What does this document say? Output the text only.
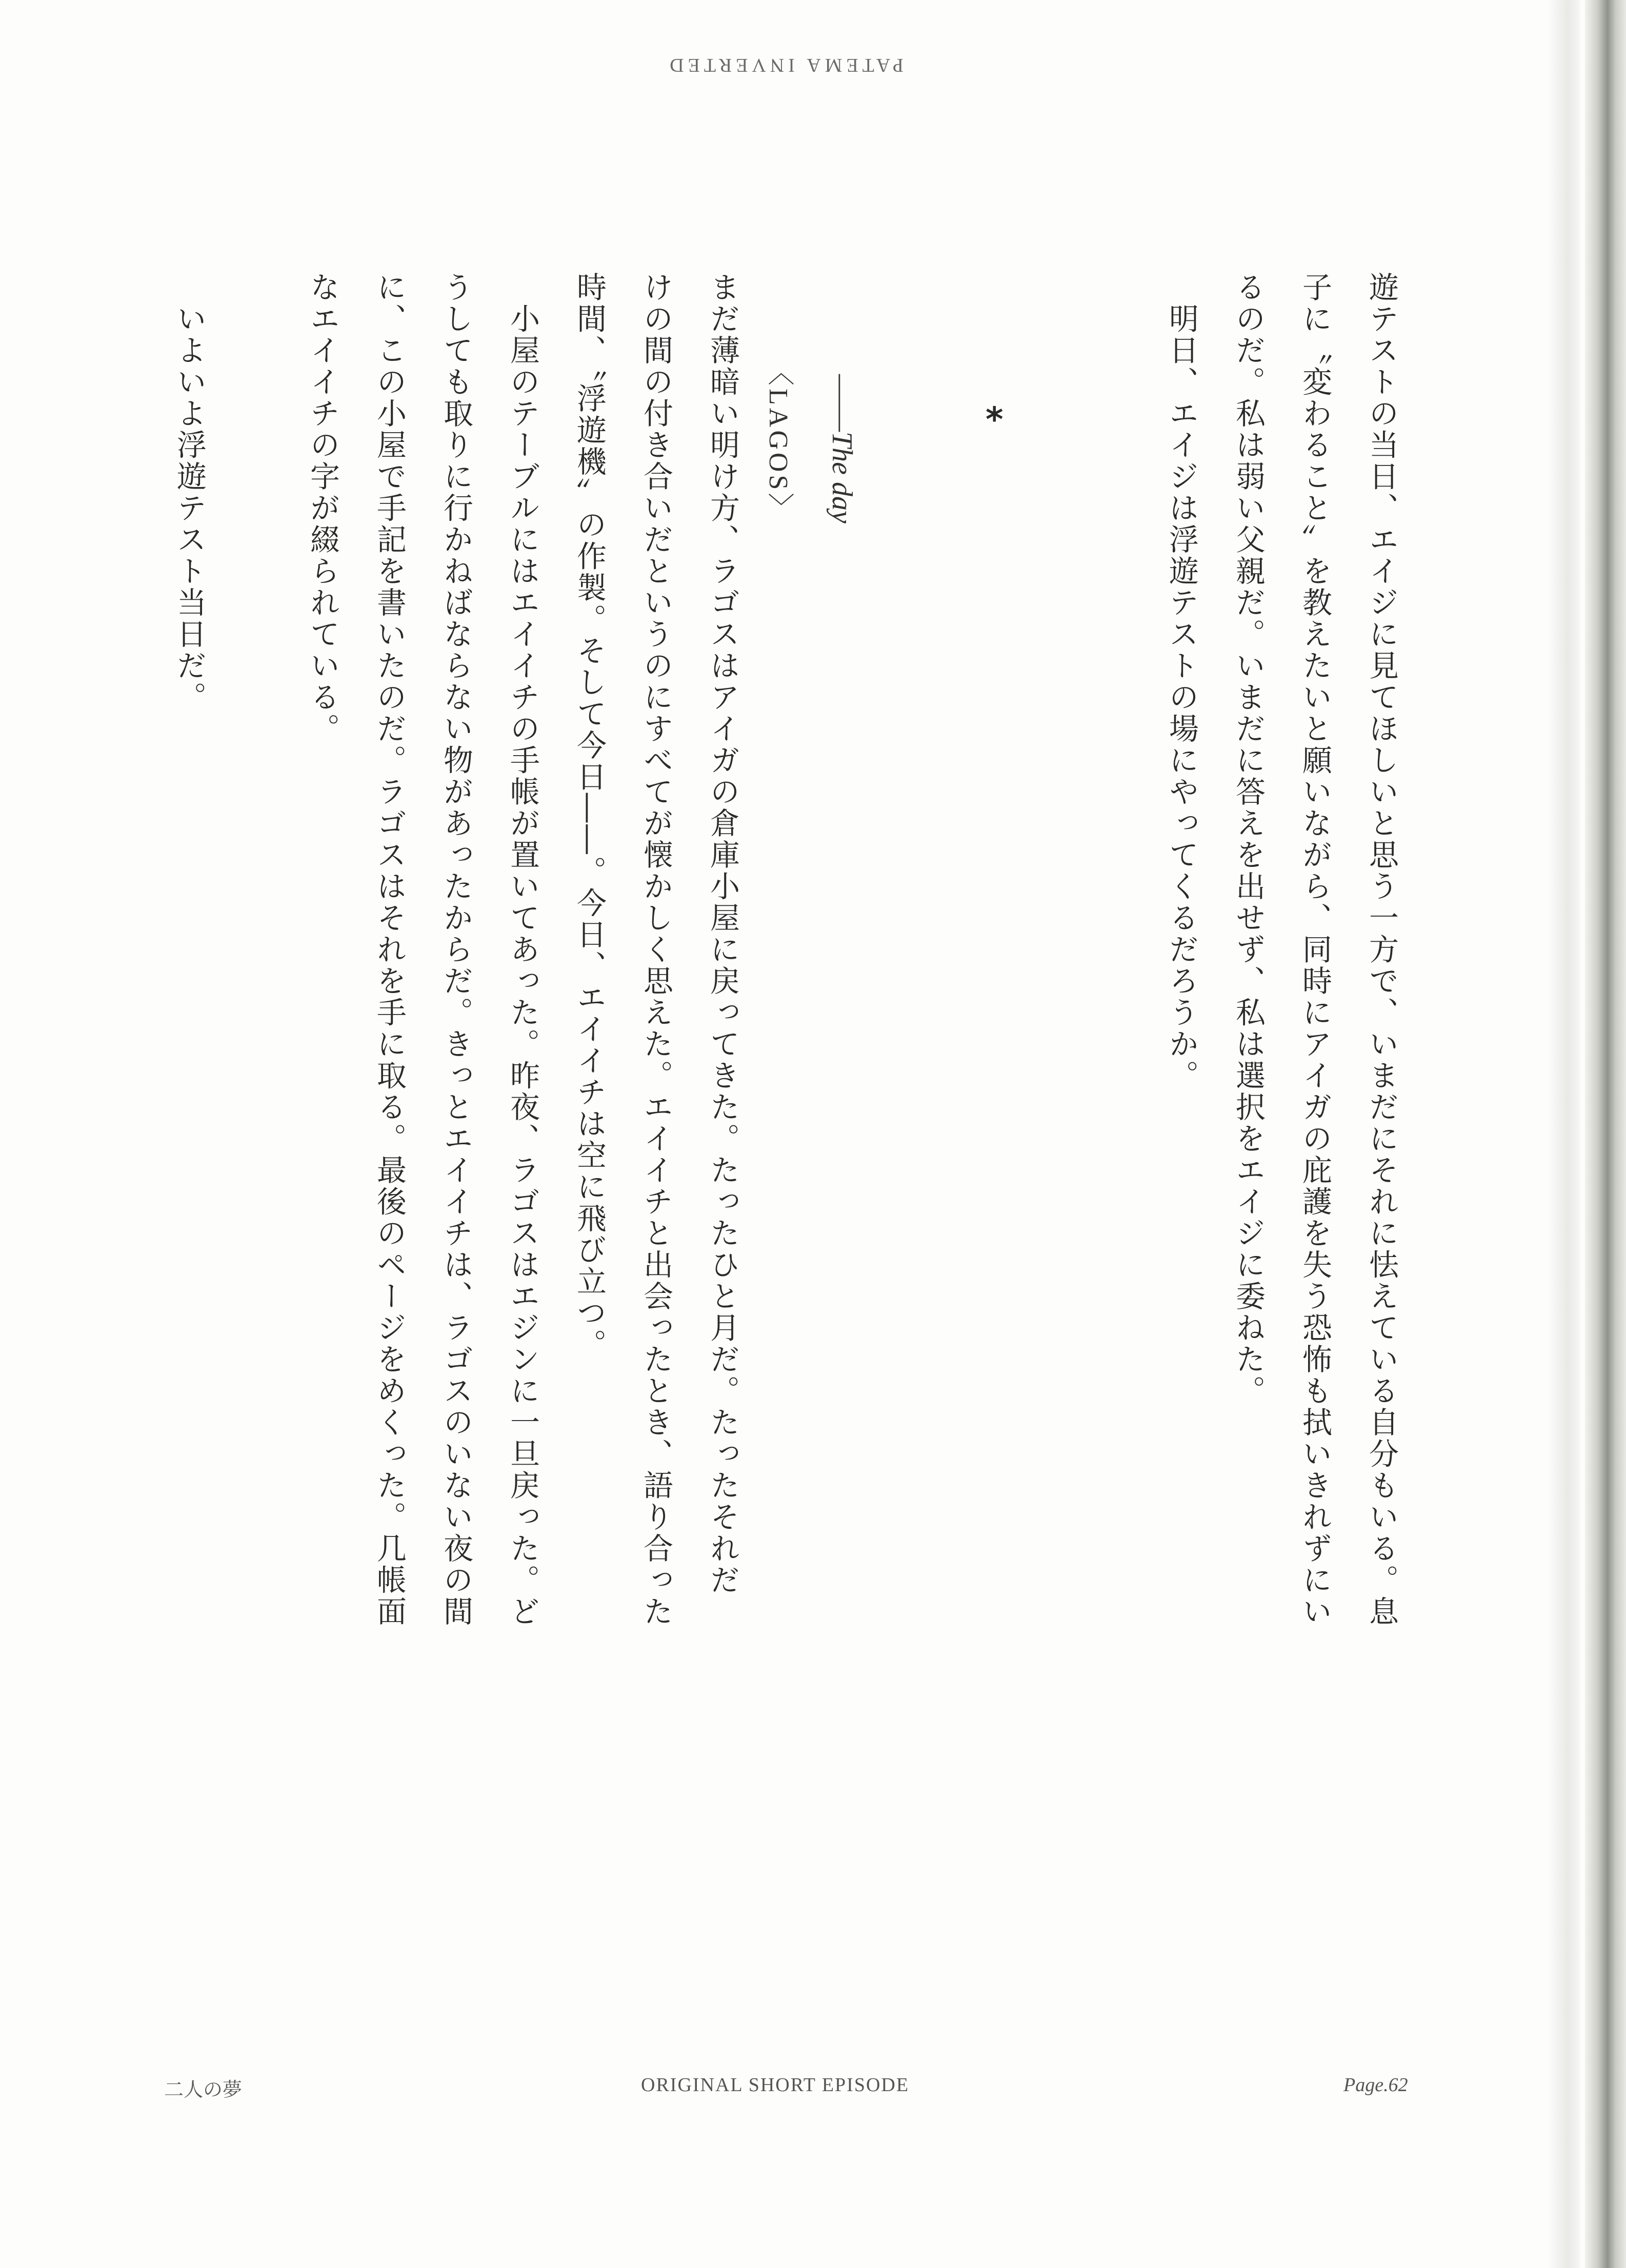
PATEMA INVERTED
遊テストの当日、エイジに見てほしいと思う一方で、いまだにそれに怯えている自分もいる。息
子に〝変わること〟を教えたいと願いながら、同時にアイガの庇護を失う恐怖も拭いきれずにい
るのだ。私は弱い父親だ。いまだに答えを出せず、私は選択をエイジに委ねた。
　明日、エイジは浮遊テストの場にやってくるだろうか。
*
――The day
〈LAGOS〉
まだ薄暗い明け方、ラゴスはアイガの倉庫小屋に戻ってきた。たったひと月だ。たったそれだ
けの間の付き合いだというのにすべてが懐かしく思えた。エイイチと出会ったとき、語り合った
時間、〝浮遊機〟の作製。そして今日――。今日、エイイチは空に飛び立つ。
　小屋のテーブルにはエイイチの手帳が置いてあった。昨夜、ラゴスはエジンに一旦戻った。ど
うしても取りに行かねばならない物があったからだ。きっとエイイチは、ラゴスのいない夜の間
に、この小屋で手記を書いたのだ。ラゴスはそれを手に取る。最後のページをめくった。几帳面
なエイイチの字が綴られている。
　いよいよ浮遊テスト当日だ。
二人の夢	ORIGINAL SHORT EPISODE	Page.62
